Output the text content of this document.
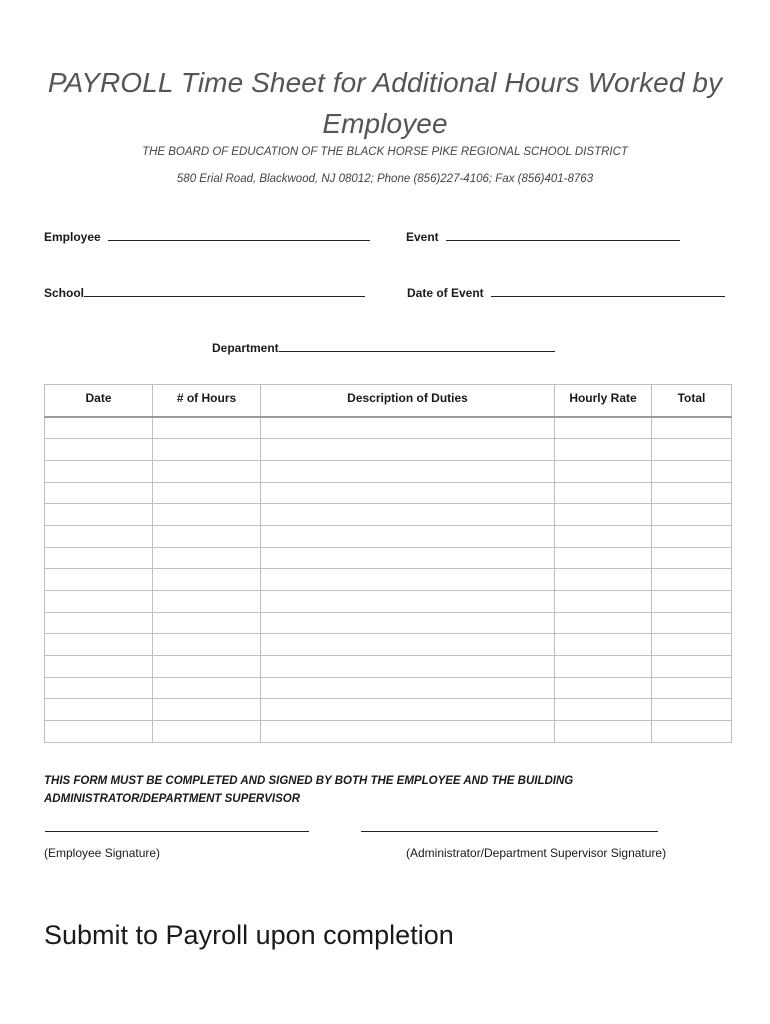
PAYROLL Time Sheet for Additional Hours Worked by Employee
THE BOARD OF EDUCATION OF THE BLACK HORSE PIKE REGIONAL SCHOOL DISTRICT
580 Erial Road, Blackwood, NJ 08012; Phone (856)227-4106; Fax (856)401-8763
Employee	Event
School	Date of Event
Department
Date	# of Hours	Description of Duties	Hourly Rate	Total

THIS FORM MUST BE COMPLETED AND SIGNED BY BOTH THE EMPLOYEE AND THE BUILDING ADMINISTRATOR/DEPARTMENT SUPERVISOR
(Employee Signature)	(Administrator/Department Supervisor Signature)
Submit to Payroll upon completion
